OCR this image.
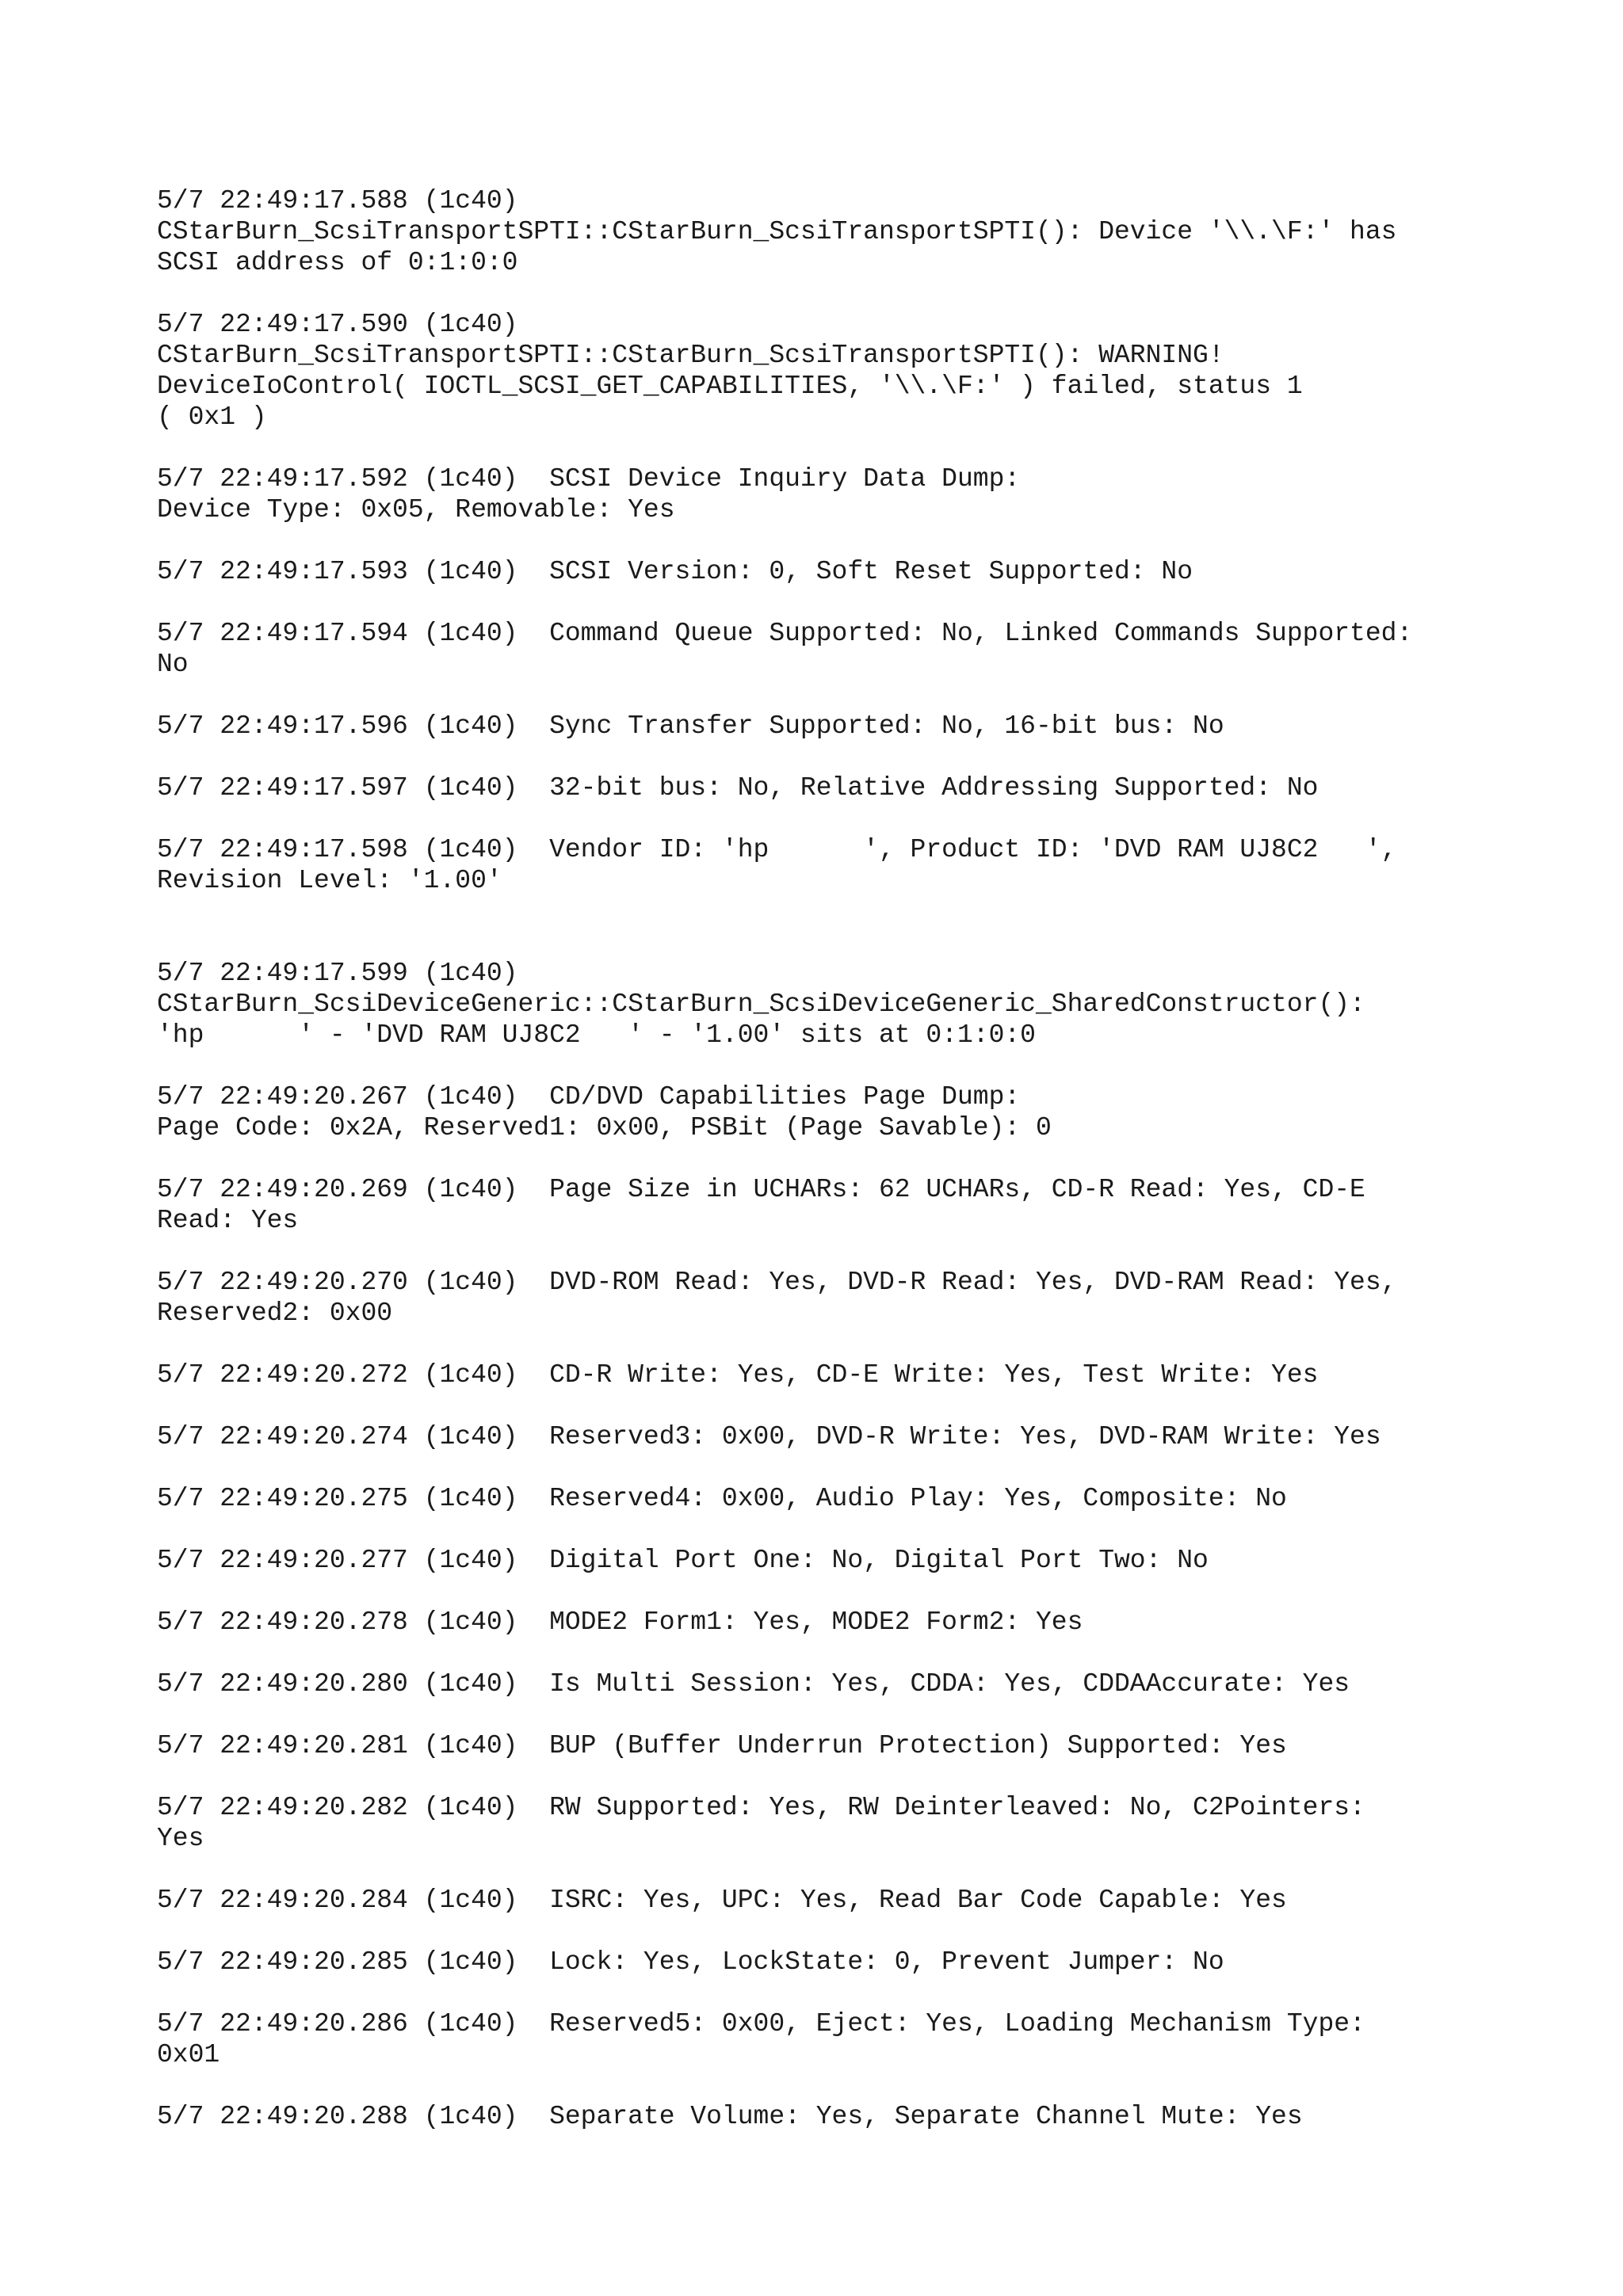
5/7 22:49:17.588 (1c40)
CStarBurn_ScsiTransportSPTI::CStarBurn_ScsiTransportSPTI(): Device '\\.\F:' has
SCSI address of 0:1:0:0
5/7 22:49:17.590 (1c40)
CStarBurn_ScsiTransportSPTI::CStarBurn_ScsiTransportSPTI(): WARNING!
DeviceIoControl( IOCTL_SCSI_GET_CAPABILITIES, '\\.\F:' ) failed, status 1
( 0x1 )
5/7 22:49:17.592 (1c40)  SCSI Device Inquiry Data Dump:
Device Type: 0x05, Removable: Yes
5/7 22:49:17.593 (1c40)  SCSI Version: 0, Soft Reset Supported: No
5/7 22:49:17.594 (1c40)  Command Queue Supported: No, Linked Commands Supported:
No
5/7 22:49:17.596 (1c40)  Sync Transfer Supported: No, 16-bit bus: No
5/7 22:49:17.597 (1c40)  32-bit bus: No, Relative Addressing Supported: No
5/7 22:49:17.598 (1c40)  Vendor ID: 'hp      ', Product ID: 'DVD RAM UJ8C2   ',
Revision Level: '1.00'
5/7 22:49:17.599 (1c40)
CStarBurn_ScsiDeviceGeneric::CStarBurn_ScsiDeviceGeneric_SharedConstructor():
'hp      ' - 'DVD RAM UJ8C2   ' - '1.00' sits at 0:1:0:0
5/7 22:49:20.267 (1c40)  CD/DVD Capabilities Page Dump:
Page Code: 0x2A, Reserved1: 0x00, PSBit (Page Savable): 0
5/7 22:49:20.269 (1c40)  Page Size in UCHARs: 62 UCHARs, CD-R Read: Yes, CD-E
Read: Yes
5/7 22:49:20.270 (1c40)  DVD-ROM Read: Yes, DVD-R Read: Yes, DVD-RAM Read: Yes,
Reserved2: 0x00
5/7 22:49:20.272 (1c40)  CD-R Write: Yes, CD-E Write: Yes, Test Write: Yes
5/7 22:49:20.274 (1c40)  Reserved3: 0x00, DVD-R Write: Yes, DVD-RAM Write: Yes
5/7 22:49:20.275 (1c40)  Reserved4: 0x00, Audio Play: Yes, Composite: No
5/7 22:49:20.277 (1c40)  Digital Port One: No, Digital Port Two: No
5/7 22:49:20.278 (1c40)  MODE2 Form1: Yes, MODE2 Form2: Yes
5/7 22:49:20.280 (1c40)  Is Multi Session: Yes, CDDA: Yes, CDDAAccurate: Yes
5/7 22:49:20.281 (1c40)  BUP (Buffer Underrun Protection) Supported: Yes
5/7 22:49:20.282 (1c40)  RW Supported: Yes, RW Deinterleaved: No, C2Pointers:
Yes
5/7 22:49:20.284 (1c40)  ISRC: Yes, UPC: Yes, Read Bar Code Capable: Yes
5/7 22:49:20.285 (1c40)  Lock: Yes, LockState: 0, Prevent Jumper: No
5/7 22:49:20.286 (1c40)  Reserved5: 0x00, Eject: Yes, Loading Mechanism Type:
0x01
5/7 22:49:20.288 (1c40)  Separate Volume: Yes, Separate Channel Mute: Yes
